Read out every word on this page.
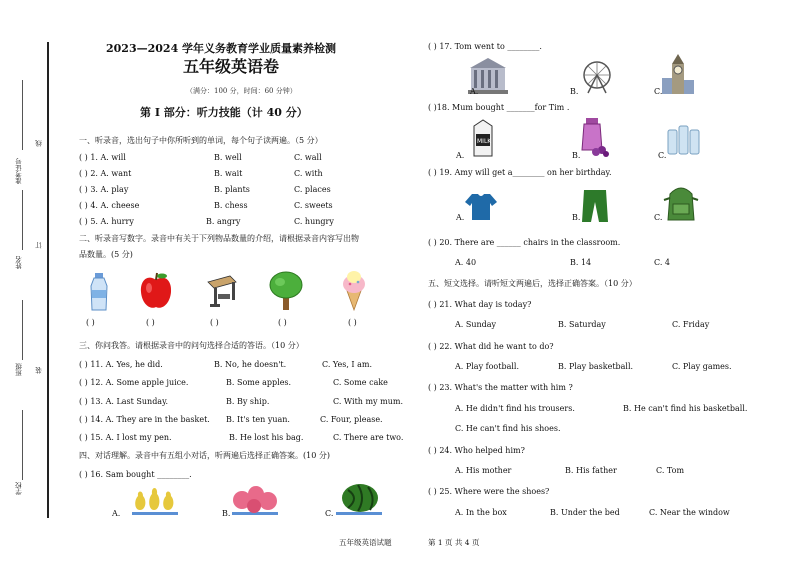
线
订
装
准考证号
姓名
班级
学校
2023—2024 学年义务教育学业质量素养检测
五年级英语卷
（满分：100 分，时间：60 分钟）
第 I 部分：听力技能（计 40 分）
一、听录音，选出句子中你所听到的单词，每个句子读两遍。（5 分）
( ) 1. A. will	B. well	C. wall
( ) 2. A. want	B. wait	C. with
( ) 3. A. play	B. plants	C. places
( ) 4. A. cheese	B. chess	C. sweets
( ) 5. A. hurry	B. angry	C. hungry
二、听录音写数字。录音中有关于下列物品数量的介绍，请根据录音内容写出物
品数量。(5 分)
( )	( )	( )	( )	( )
三、你问我答。请根据录音中的问句选择合适的答语。（10 分）
( ) 11. A. Yes, he did.	B. No, he doesn't.	C. Yes, I am.
( ) 12. A. Some apple juice.	B. Some apples.	C. Some cake
( ) 13. A. Last Sunday.	B. By ship.	C. With my mum.
( ) 14. A. They are in the basket. B. It's ten yuan.	C. Four, please.
( ) 15. A. I lost my pen.	B. He lost his bag.	C. There are two.
四、对话理解。录音中有五组小对话，听两遍后选择正确答案。(10 分)
( ) 16. Sam bought ________.
A.	B.	C.
( ) 17. Tom went to ________.
A.	B.	C.
( )18. Mum bought _______for Tim .
MILK
A.	B.	C.
( ) 19. Amy will get a________ on her birthday.
A.	B.	C.
( ) 20. There are ______ chairs in the classroom.
A. 40	B. 14	C. 4
五、短文选择。请听短文两遍后，选择正确答案。（10 分）
( ) 21. What day is today?
A. Sunday	B. Saturday	C. Friday
( ) 22. What did he want to do?
A. Play football.	B. Play basketball.	C. Play games.
( ) 23. What's the matter with him ?
A. He didn't find his trousers.	B. He can't find his basketball.
C. He can't find his shoes.
( ) 24. Who helped him?
A. His mother	B. His father	C. Tom
( ) 25. Where were the shoes?
A. In the box	B. Under the bed	C. Near the window
五年级英语试题	第 1 页 共 4 页
